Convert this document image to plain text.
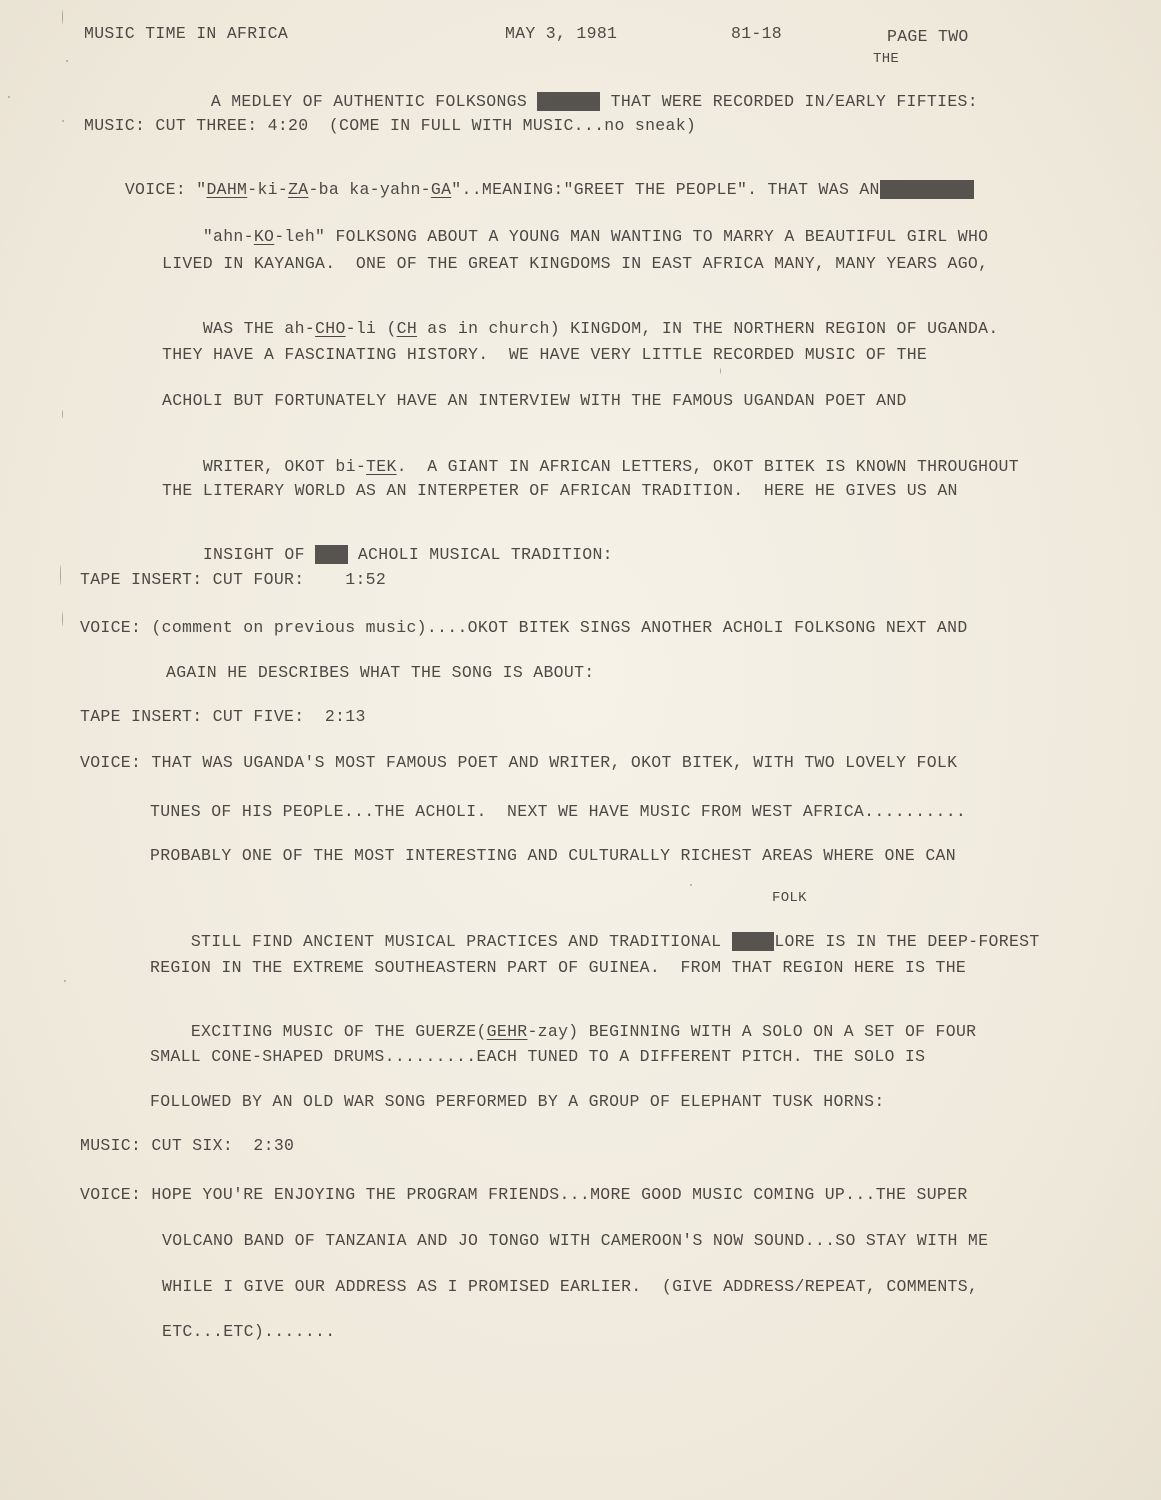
MUSIC TIME IN AFRICA	MAY 3, 1981	81-18	PAGE TWO
THE

A MEDLEY OF AUTHENTIC FOLKSONGS XXXXXX THAT WERE RECORDED IN/EARLY FIFTIES:

MUSIC: CUT THREE: 4:20  (COME IN FULL WITH MUSIC...no sneak)

VOICE: "DAHM-ki-ZA-ba ka-yahn-GA"..MEANING:"GREET THE PEOPLE". THAT WAS ANXXXXXXXXX

"ahn-KO-leh" FOLKSONG ABOUT A YOUNG MAN WANTING TO MARRY A BEAUTIFUL GIRL WHO

LIVED IN KAYANGA.  ONE OF THE GREAT KINGDOMS IN EAST AFRICA MANY, MANY YEARS AGO,

WAS THE ah-CHO-li (CH as in church) KINGDOM, IN THE NORTHERN REGION OF UGANDA.

THEY HAVE A FASCINATING HISTORY.  WE HAVE VERY LITTLE RECORDED MUSIC OF THE
ACHOLI BUT FORTUNATELY HAVE AN INTERVIEW WITH THE FAMOUS UGANDAN POET AND

WRITER, OKOT bi-TEK.  A GIANT IN AFRICAN LETTERS, OKOT BITEK IS KNOWN THROUGHOUT

THE LITERARY WORLD AS AN INTERPETER OF AFRICAN TRADITION.  HERE HE GIVES US AN

INSIGHT OF XXX ACHOLI MUSICAL TRADITION:

TAPE INSERT: CUT FOUR:    1:52
VOICE: (comment on previous music)....OKOT BITEK SINGS ANOTHER ACHOLI FOLKSONG NEXT AND
AGAIN HE DESCRIBES WHAT THE SONG IS ABOUT:
TAPE INSERT: CUT FIVE:  2:13
VOICE: THAT WAS UGANDA'S MOST FAMOUS POET AND WRITER, OKOT BITEK, WITH TWO LOVELY FOLK
TUNES OF HIS PEOPLE...THE ACHOLI.  NEXT WE HAVE MUSIC FROM WEST AFRICA..........
PROBABLY ONE OF THE MOST INTERESTING AND CULTURALLY RICHEST AREAS WHERE ONE CAN
FOLK

STILL FIND ANCIENT MUSICAL PRACTICES AND TRADITIONAL FOLKLORE IS IN THE DEEP-FOREST

REGION IN THE EXTREME SOUTHEASTERN PART OF GUINEA.  FROM THAT REGION HERE IS THE

EXCITING MUSIC OF THE GUERZE(GEHR-zay) BEGINNING WITH A SOLO ON A SET OF FOUR

SMALL CONE-SHAPED DRUMS.........EACH TUNED TO A DIFFERENT PITCH. THE SOLO IS
FOLLOWED BY AN OLD WAR SONG PERFORMED BY A GROUP OF ELEPHANT TUSK HORNS:
MUSIC: CUT SIX:  2:30
VOICE: HOPE YOU'RE ENJOYING THE PROGRAM FRIENDS...MORE GOOD MUSIC COMING UP...THE SUPER
VOLCANO BAND OF TANZANIA AND JO TONGO WITH CAMEROON'S NOW SOUND...SO STAY WITH ME
WHILE I GIVE OUR ADDRESS AS I PROMISED EARLIER.  (GIVE ADDRESS/REPEAT, COMMENTS,
ETC...ETC).......
